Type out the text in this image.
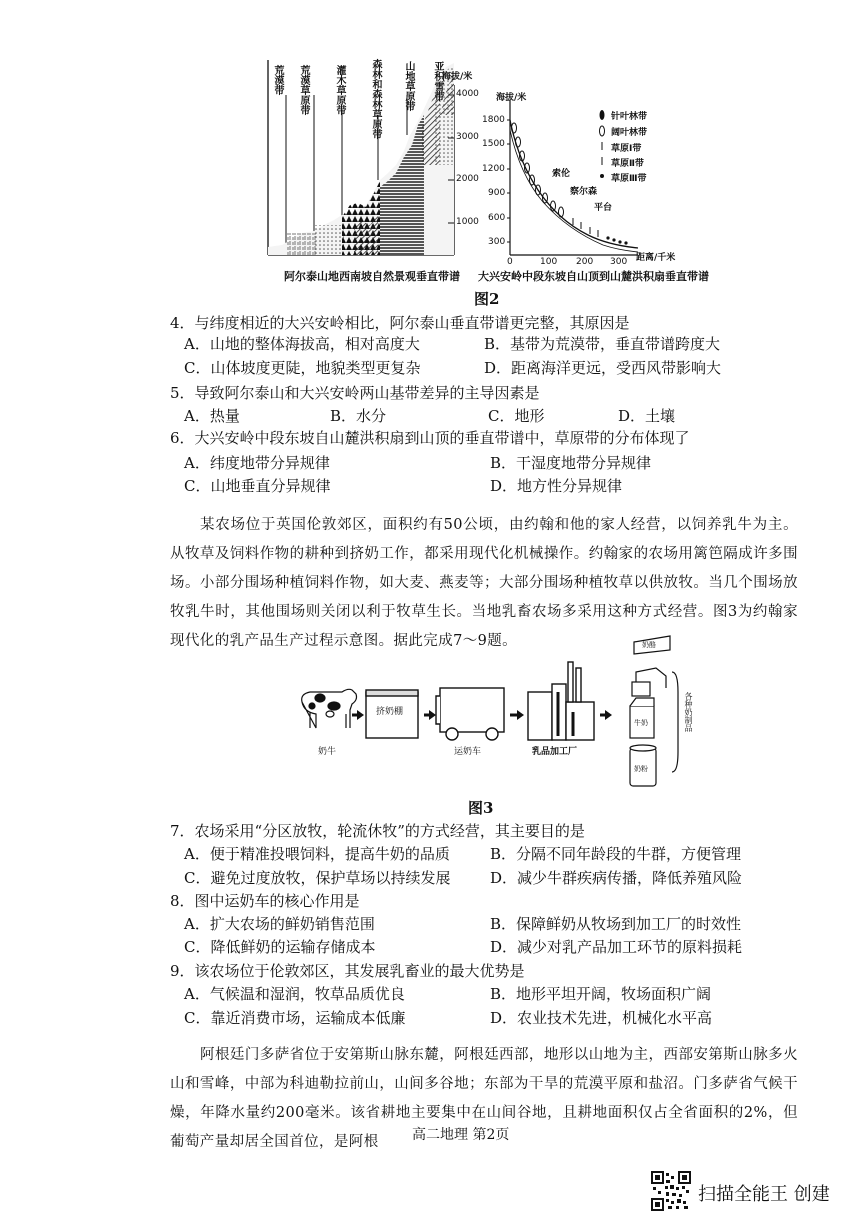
荒漠带 荒漠草原带	灌木草原带	森林和森林草原带 山地草原带 亚积雪带 海拔/米
4000
3000
2000
1000
阿尔泰山地西南坡自然景观垂直带谱
海拔/米
1800
1500
1200
900
600
300
0	100 200 300 距离/千米
针叶林带
阔叶林带
草原Ⅰ带
草原Ⅱ带
草原Ⅲ带
索伦
察尔森
平台
大兴安岭中段东坡自山顶到山麓洪积扇垂直带谱
图2
4．与纬度相近的大兴安岭相比，阿尔泰山垂直带谱更完整，其原因是
A．山地的整体海拔高，相对高度大	B．基带为荒漠带，垂直带谱跨度大
C．山体坡度更陡，地貌类型更复杂	D．距离海洋更远，受西风带影响大
5．导致阿尔泰山和大兴安岭两山基带差异的主导因素是
A．热量	B．水分	C．地形	D．土壤
6．大兴安岭中段东坡自山麓洪积扇到山顶的垂直带谱中，草原带的分布体现了
A．纬度地带分异规律	B．干湿度地带分异规律
C．山地垂直分异规律	D．地方性分异规律
某农场位于英国伦敦郊区，面积约有50公顷，由约翰和他的家人经营，以饲养乳牛为主。从牧草及饲料作物的耕种到挤奶工作，都采用现代化机械操作。约翰家的农场用篱笆隔成许多围场。小部分围场种植饲料作物，如大麦、燕麦等；大部分围场种植牧草以供放牧。当几个围场放牧乳牛时，其他围场则关闭以利于牧草生长。当地乳畜农场多采用这种方式经营。图3为约翰家现代化的乳产品生产过程示意图。据此完成7～9题。
奶牛
挤奶棚
运奶车	乳品加工厂
奶酪
牛奶
奶粉
各种奶制品
图3
7．农场采用“分区放牧，轮流休牧”的方式经营，其主要目的是
A．便于精准投喂饲料，提高牛奶的品质	B．分隔不同年龄段的牛群，方便管理
C．避免过度放牧，保护草场以持续发展	D．减少牛群疾病传播，降低养殖风险
8．图中运奶车的核心作用是
A．扩大农场的鲜奶销售范围	B．保障鲜奶从牧场到加工厂的时效性
C．降低鲜奶的运输存储成本	D．减少对乳产品加工环节的原料损耗
9．该农场位于伦敦郊区，其发展乳畜业的最大优势是
A．气候温和湿润，牧草品质优良	B．地形平坦开阔，牧场面积广阔
C．靠近消费市场，运输成本低廉	D．农业技术先进，机械化水平高
阿根廷门多萨省位于安第斯山脉东麓，阿根廷西部，地形以山地为主，西部安第斯山脉多火山和雪峰，中部为科迪勒拉前山，山间多谷地；东部为干旱的荒漠平原和盐沼。门多萨省气候干燥，年降水量约200毫米。该省耕地主要集中在山间谷地，且耕地面积仅占全省面积的2%，但葡萄产量却居全国首位，是阿根	高二地理 第2页
扫描全能王 创建
